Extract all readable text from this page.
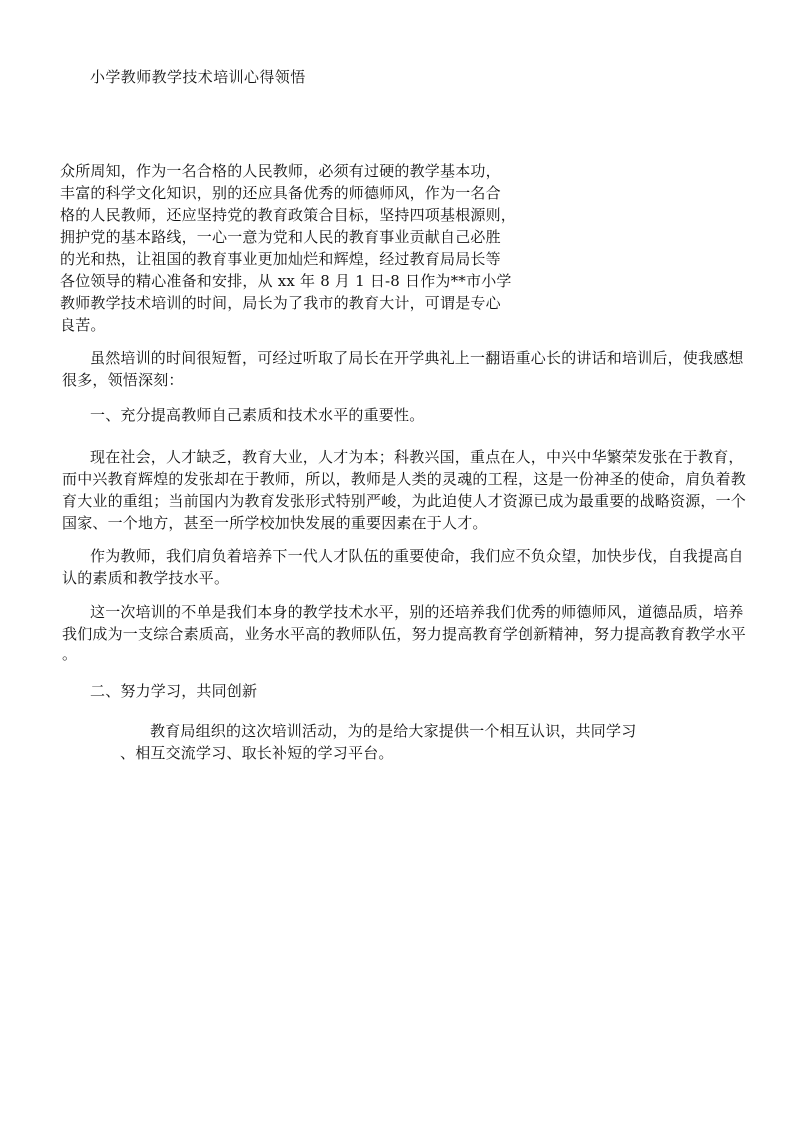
小学教师教学技术培训心得领悟
众所周知，作为一名合格的人民教师，必须有过硬的教学基本功，
丰富的科学文化知识，别的还应具备优秀的师德师风，作为一名合
格的人民教师，还应坚持党的教育政策合目标，坚持四项基根源则，
拥护党的基本路线，一心一意为党和人民的教育事业贡献自己必胜
的光和热，让祖国的教育事业更加灿烂和辉煌，经过教育局局长等
各位领导的精心准备和安排，从 xx 年 8 月 1 日-8 日作为**市小学
教师教学技术培训的时间，局长为了我市的教育大计，可谓是专心
良苦。
虽然培训的时间很短暂，可经过听取了局长在开学典礼上一翻语重心长的讲话和培训后，使我感想
很多，领悟深刻：
一、充分提高教师自己素质和技术水平的重要性。
现在社会，人才缺乏，教育大业，人才为本；科教兴国，重点在人，中兴中华繁荣发张在于教育，
而中兴教育辉煌的发张却在于教师，所以，教师是人类的灵魂的工程，这是一份神圣的使命，肩负着教
育大业的重组；当前国内为教育发张形式特别严峻，为此迫使人才资源已成为最重要的战略资源，一个
国家、一个地方，甚至一所学校加快发展的重要因素在于人才。
作为教师，我们肩负着培养下一代人才队伍的重要使命，我们应不负众望，加快步伐，自我提高自
认的素质和教学技水平。
这一次培训的不单是我们本身的教学技术水平，别的还培养我们优秀的师德师风，道德品质，培养
我们成为一支综合素质高，业务水平高的教师队伍，努力提高教育学创新精神，努力提高教育教学水平
。
二、努力学习，共同创新
教育局组织的这次培训活动，为的是给大家提供一个相互认识，共同学习
、相互交流学习、取长补短的学习平台。
